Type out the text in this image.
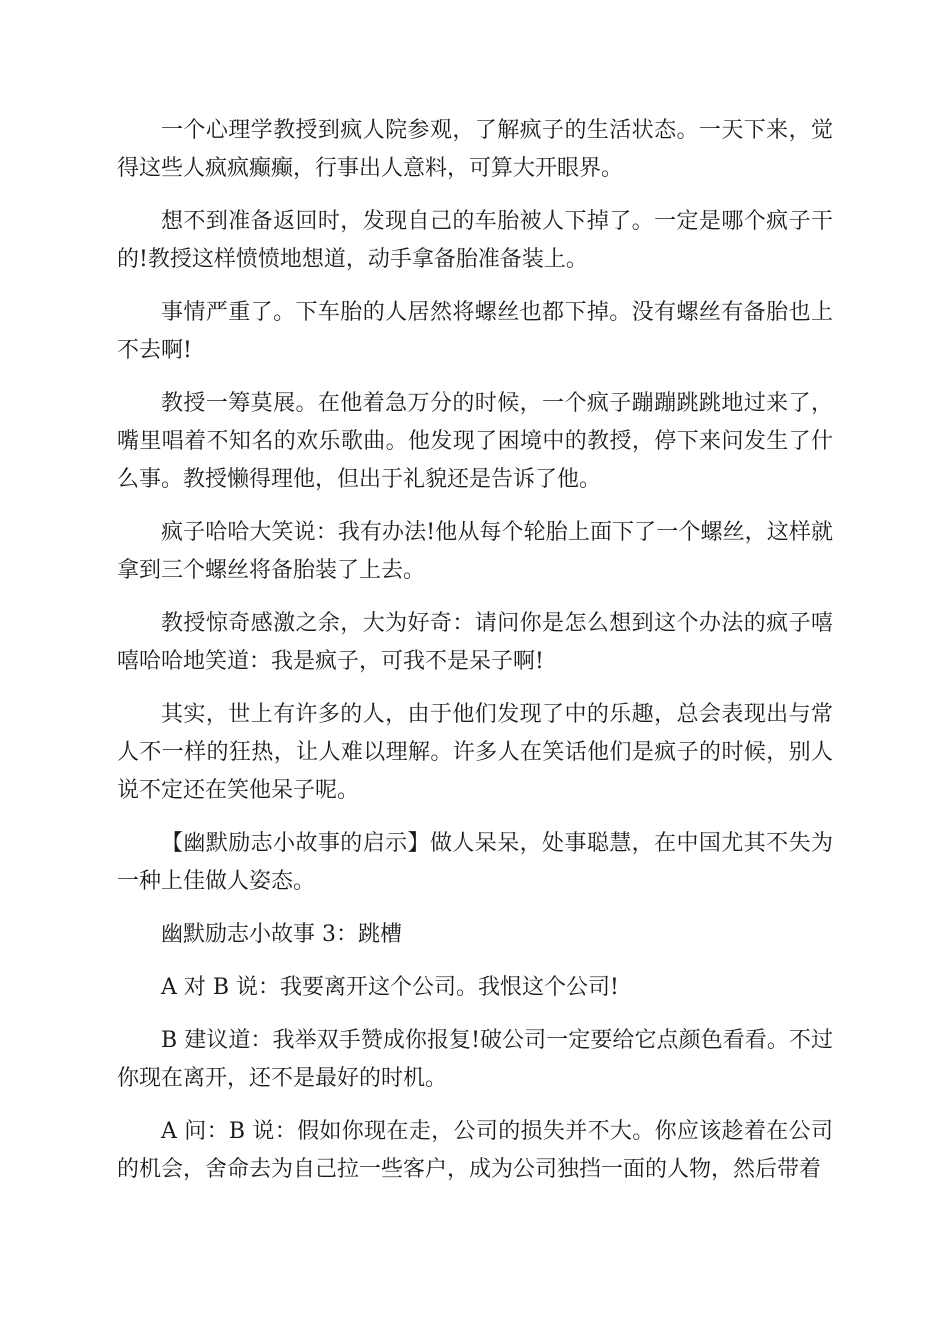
一个心理学教授到疯人院参观，了解疯子的生活状态。一天下来，觉得这些人疯疯癫癫，行事出人意料，可算大开眼界。

想不到准备返回时，发现自己的车胎被人下掉了。一定是哪个疯子干的!教授这样愤愤地想道，动手拿备胎准备装上。

事情严重了。下车胎的人居然将螺丝也都下掉。没有螺丝有备胎也上不去啊!

教授一筹莫展。在他着急万分的时候，一个疯子蹦蹦跳跳地过来了，嘴里唱着不知名的欢乐歌曲。他发现了困境中的教授，停下来问发生了什么事。教授懒得理他，但出于礼貌还是告诉了他。

疯子哈哈大笑说：我有办法!他从每个轮胎上面下了一个螺丝，这样就拿到三个螺丝将备胎装了上去。

教授惊奇感激之余，大为好奇：请问你是怎么想到这个办法的疯子嘻嘻哈哈地笑道：我是疯子，可我不是呆子啊!

其实，世上有许多的人，由于他们发现了中的乐趣，总会表现出与常人不一样的狂热，让人难以理解。许多人在笑话他们是疯子的时候，别人说不定还在笑他呆子呢。

【幽默励志小故事的启示】做人呆呆，处事聪慧，在中国尤其不失为一种上佳做人姿态。

幽默励志小故事 3：跳槽

A 对 B 说：我要离开这个公司。我恨这个公司!

B 建议道：我举双手赞成你报复!破公司一定要给它点颜色看看。不过你现在离开，还不是最好的时机。

A 问：B 说：假如你现在走，公司的损失并不大。你应该趁着在公司的机会，舍命去为自己拉一些客户，成为公司独挡一面的人物，然后带着
